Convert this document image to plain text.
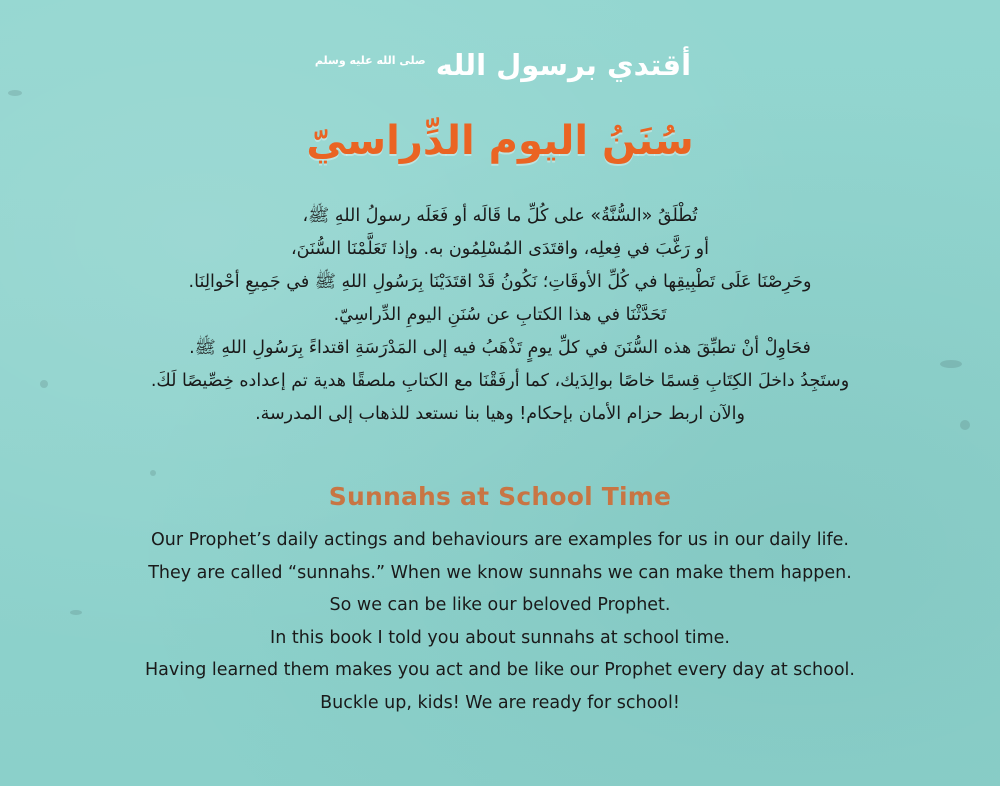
أقتدي برسول الله صلى الله عليه وسلم
سُنَنُ اليوم الدِّراسيّ
تُطْلَقُ «السُّنَّةُ» على كُلِّ ما قَالَه أو فَعَلَه رسولُ اللهِ ﷺ،
أو رَغَّبَ في فِعلِه، واقتَدَى المُسْلِمُون به. وإذا تَعَلَّمْنَا السُّنَنَ،
وحَرِصْنَا عَلَى تَطْبِيقِها في كُلِّ الأوقَاتِ؛ نَكُونُ قَدْ اقتَدَيْنَا بِرَسُولِ اللهِ ﷺ في جَمِيعِ أحْوالِنَا.
تَحَدَّثْنَا في هذا الكتابِ عن سُنَنِ اليومِ الدِّراسِيّ.
فحَاوِلْ أنْ تطبِّقَ هذه السُّنَنَ في كلِّ يومٍ تَذْهَبُ فيه إلى المَدْرَسَةِ اقتداءً بِرَسُولِ اللهِ ﷺ.
وستَجِدُ داخلَ الكِتَابِ قِسمًا خاصًا بوالِدَيك، كما أرفَقْنَا مع الكتابِ ملصقًا هدية تم إعداده خِصِّيصًا لَكَ.
والآن اربط حزام الأمان بإحكام! وهيا بنا نستعد للذهاب إلى المدرسة.
Sunnahs at School Time
Our Prophet’s daily actings and behaviours are examples for us in our daily life.
They are called “sunnahs.” When we know sunnahs we can make them happen.
So we can be like our beloved Prophet.
In this book I told you about sunnahs at school time.
Having learned them makes you act and be like our Prophet every day at school.
Buckle up, kids! We are ready for school!
